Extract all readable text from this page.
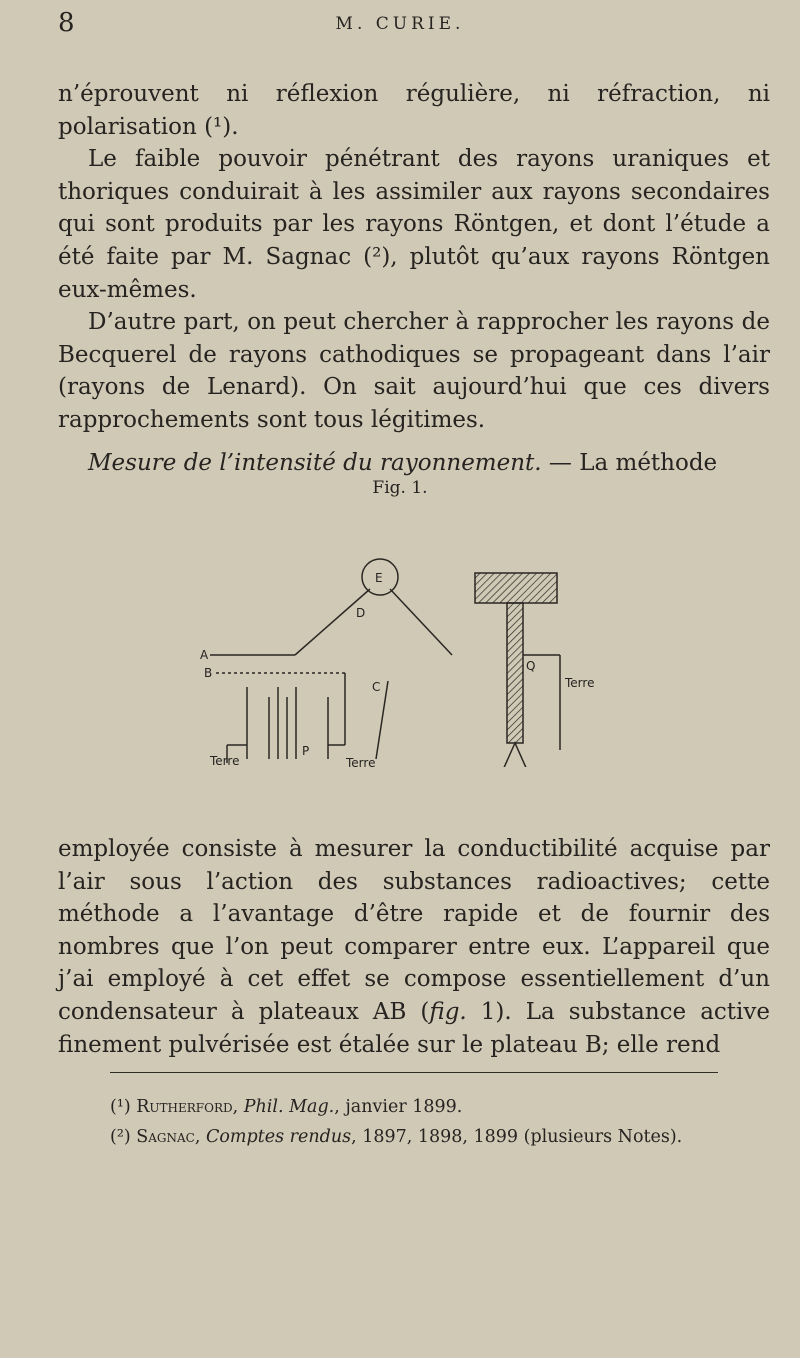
8	M. CURIE.

n’éprouvent ni réflexion régulière, ni réfraction, ni polarisation (¹).

Le faible pouvoir pénétrant des rayons uraniques et thoriques conduirait à les assimiler aux rayons secondaires qui sont produits par les rayons Röntgen, et dont l’étude a été faite par M. Sagnac (²), plutôt qu’aux rayons Röntgen eux-mêmes.

D’autre part, on peut chercher à rapprocher les rayons de Becquerel de rayons cathodiques se propageant dans l’air (rayons de Lenard). On sait aujourd’hui que ces divers rapprochements sont tous légitimes.

Mesure de l’intensité du rayonnement. — La méthode

Fig. 1.
E
D
A
B
C
P
Q
Terre
Terre	Terre

employée consiste à mesurer la conductibilité acquise par l’air sous l’action des substances radioactives; cette méthode a l’avantage d’être rapide et de fournir des nombres que l’on peut comparer entre eux. L’appareil que j’ai employé à cet effet se compose essentiellement d’un condensateur à plateaux AB (fig. 1). La substance active finement pulvérisée est étalée sur le plateau B; elle rend

(¹) Rutherford, Phil. Mag., janvier 1899.
(²) Sagnac, Comptes rendus, 1897, 1898, 1899 (plusieurs Notes).
